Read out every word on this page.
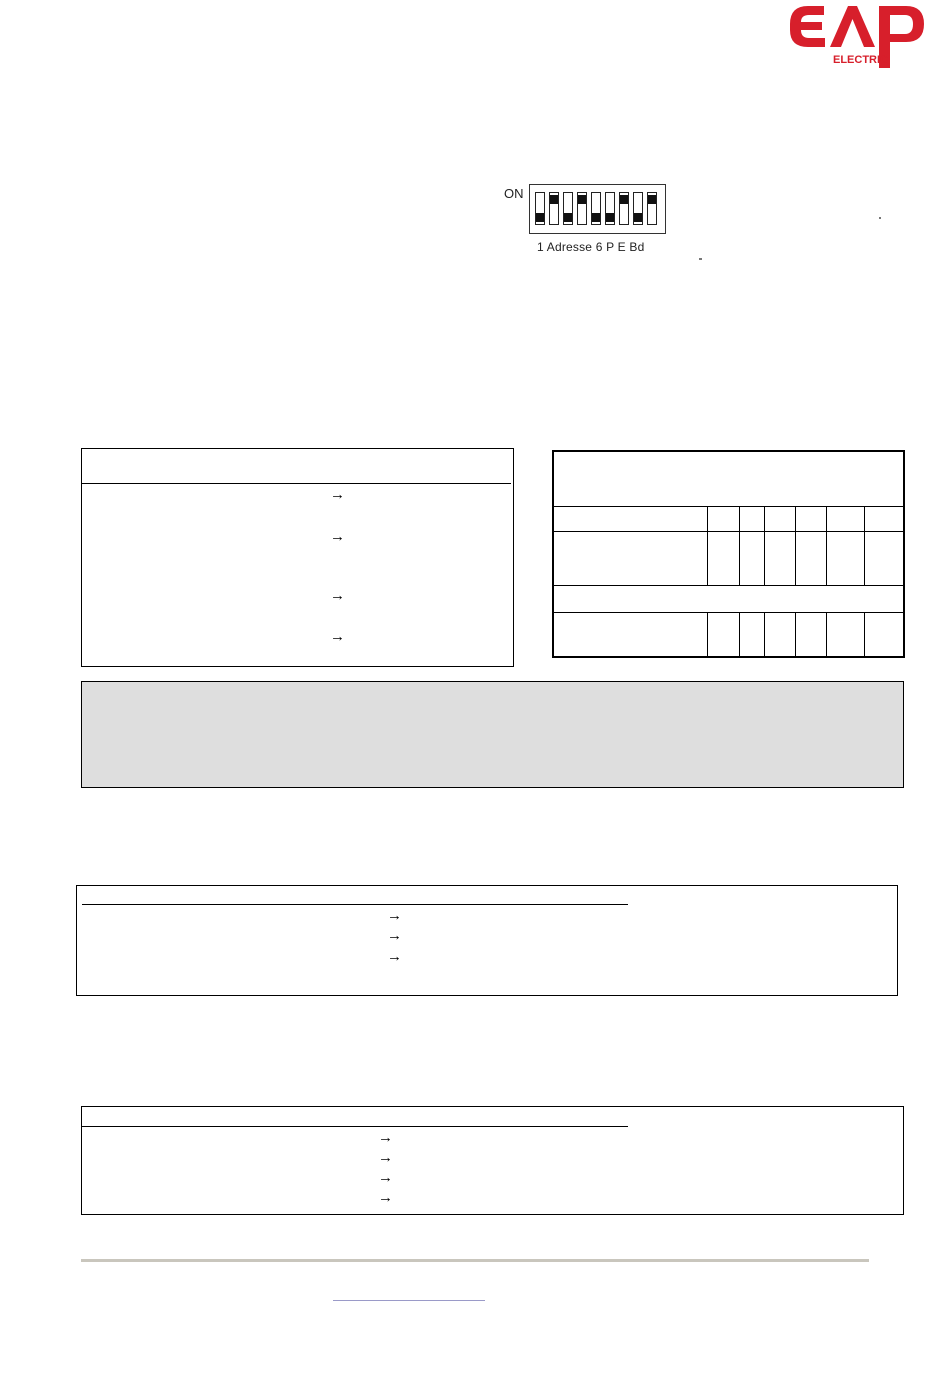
ELECTRIC
ON
1 Adresse 6 P E Bd
→
→
→
→
→
→
→
→
→
→
→
